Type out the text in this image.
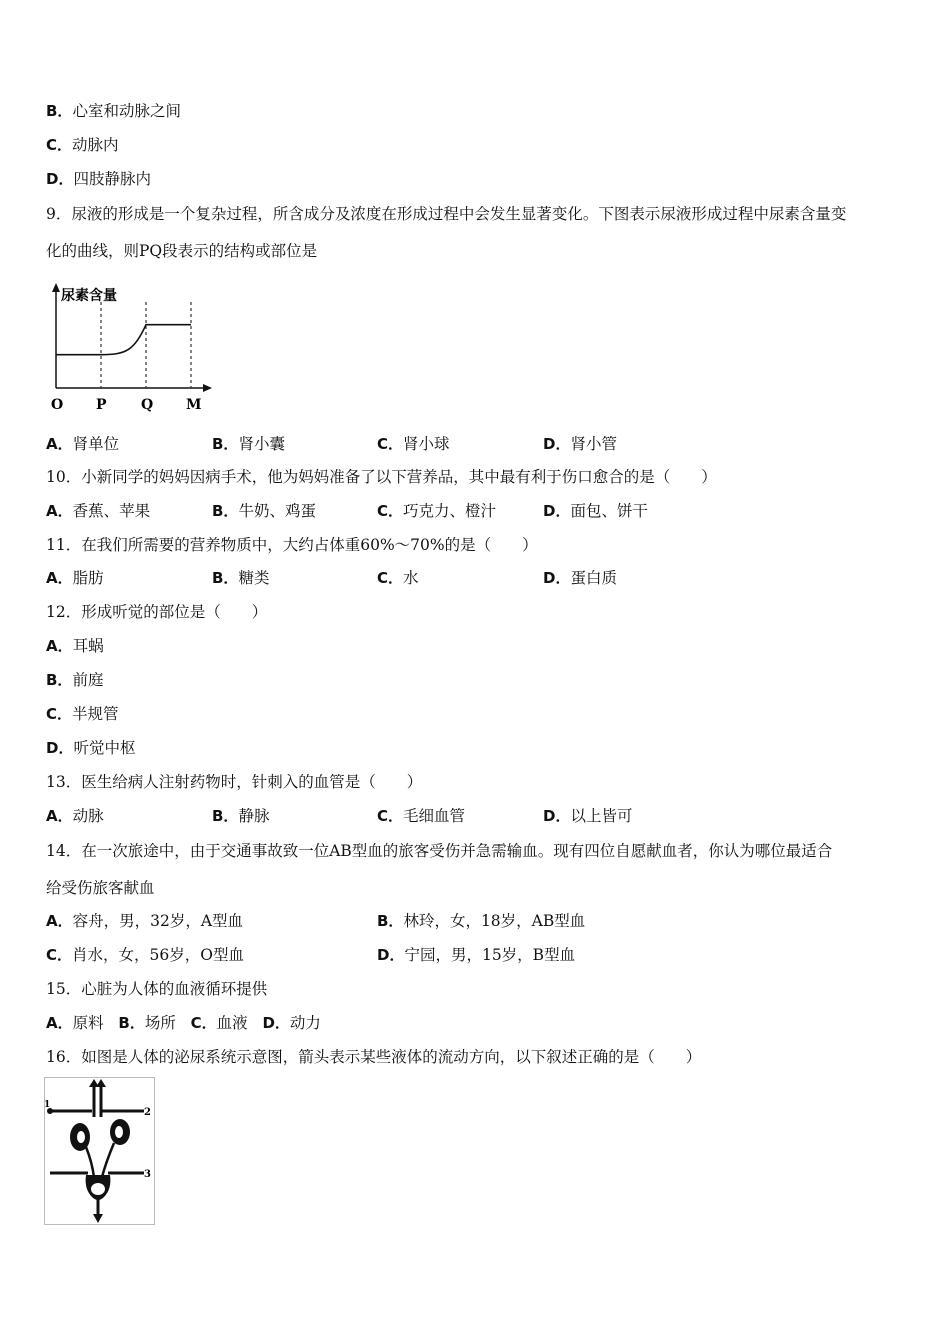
B．心室和动脉之间
C．动脉内
D．四肢静脉内
9．尿液的形成是一个复杂过程，所含成分及浓度在形成过程中会发生显著变化。下图表示尿液形成过程中尿素含量变
化的曲线，则PQ段表示的结构或部位是
尿素含量
O P Q M
A．肾单位	B．肾小囊	C．肾小球	D．肾小管
10．小新同学的妈妈因病手术，他为妈妈准备了以下营养品，其中最有利于伤口愈合的是（　　）
A．香蕉、苹果	B．牛奶、鸡蛋	C．巧克力、橙汁	D．面包、饼干
11．在我们所需要的营养物质中，大约占体重60%～70%的是（　　）
A．脂肪	B．糖类	C．水	D．蛋白质
12．形成听觉的部位是（　　）
A．耳蜗
B．前庭
C．半规管
D．听觉中枢
13．医生给病人注射药物时，针刺入的血管是（　　）
A．动脉	B．静脉	C．毛细血管	D．以上皆可
14．在一次旅途中，由于交通事故致一位AB型血的旅客受伤并急需输血。现有四位自愿献血者，你认为哪位最适合
给受伤旅客献血
A．容舟，男，32岁，A型血	B．林玲，女，18岁，AB型血
C．肖水，女，56岁，O型血	D．宁园，男，15岁，B型血
15．心脏为人体的血液循环提供
A．原料 B．场所 C．血液 D．动力
16．如图是人体的泌尿系统示意图，箭头表示某些液体的流动方向，以下叙述正确的是（　　）
1
2
3
